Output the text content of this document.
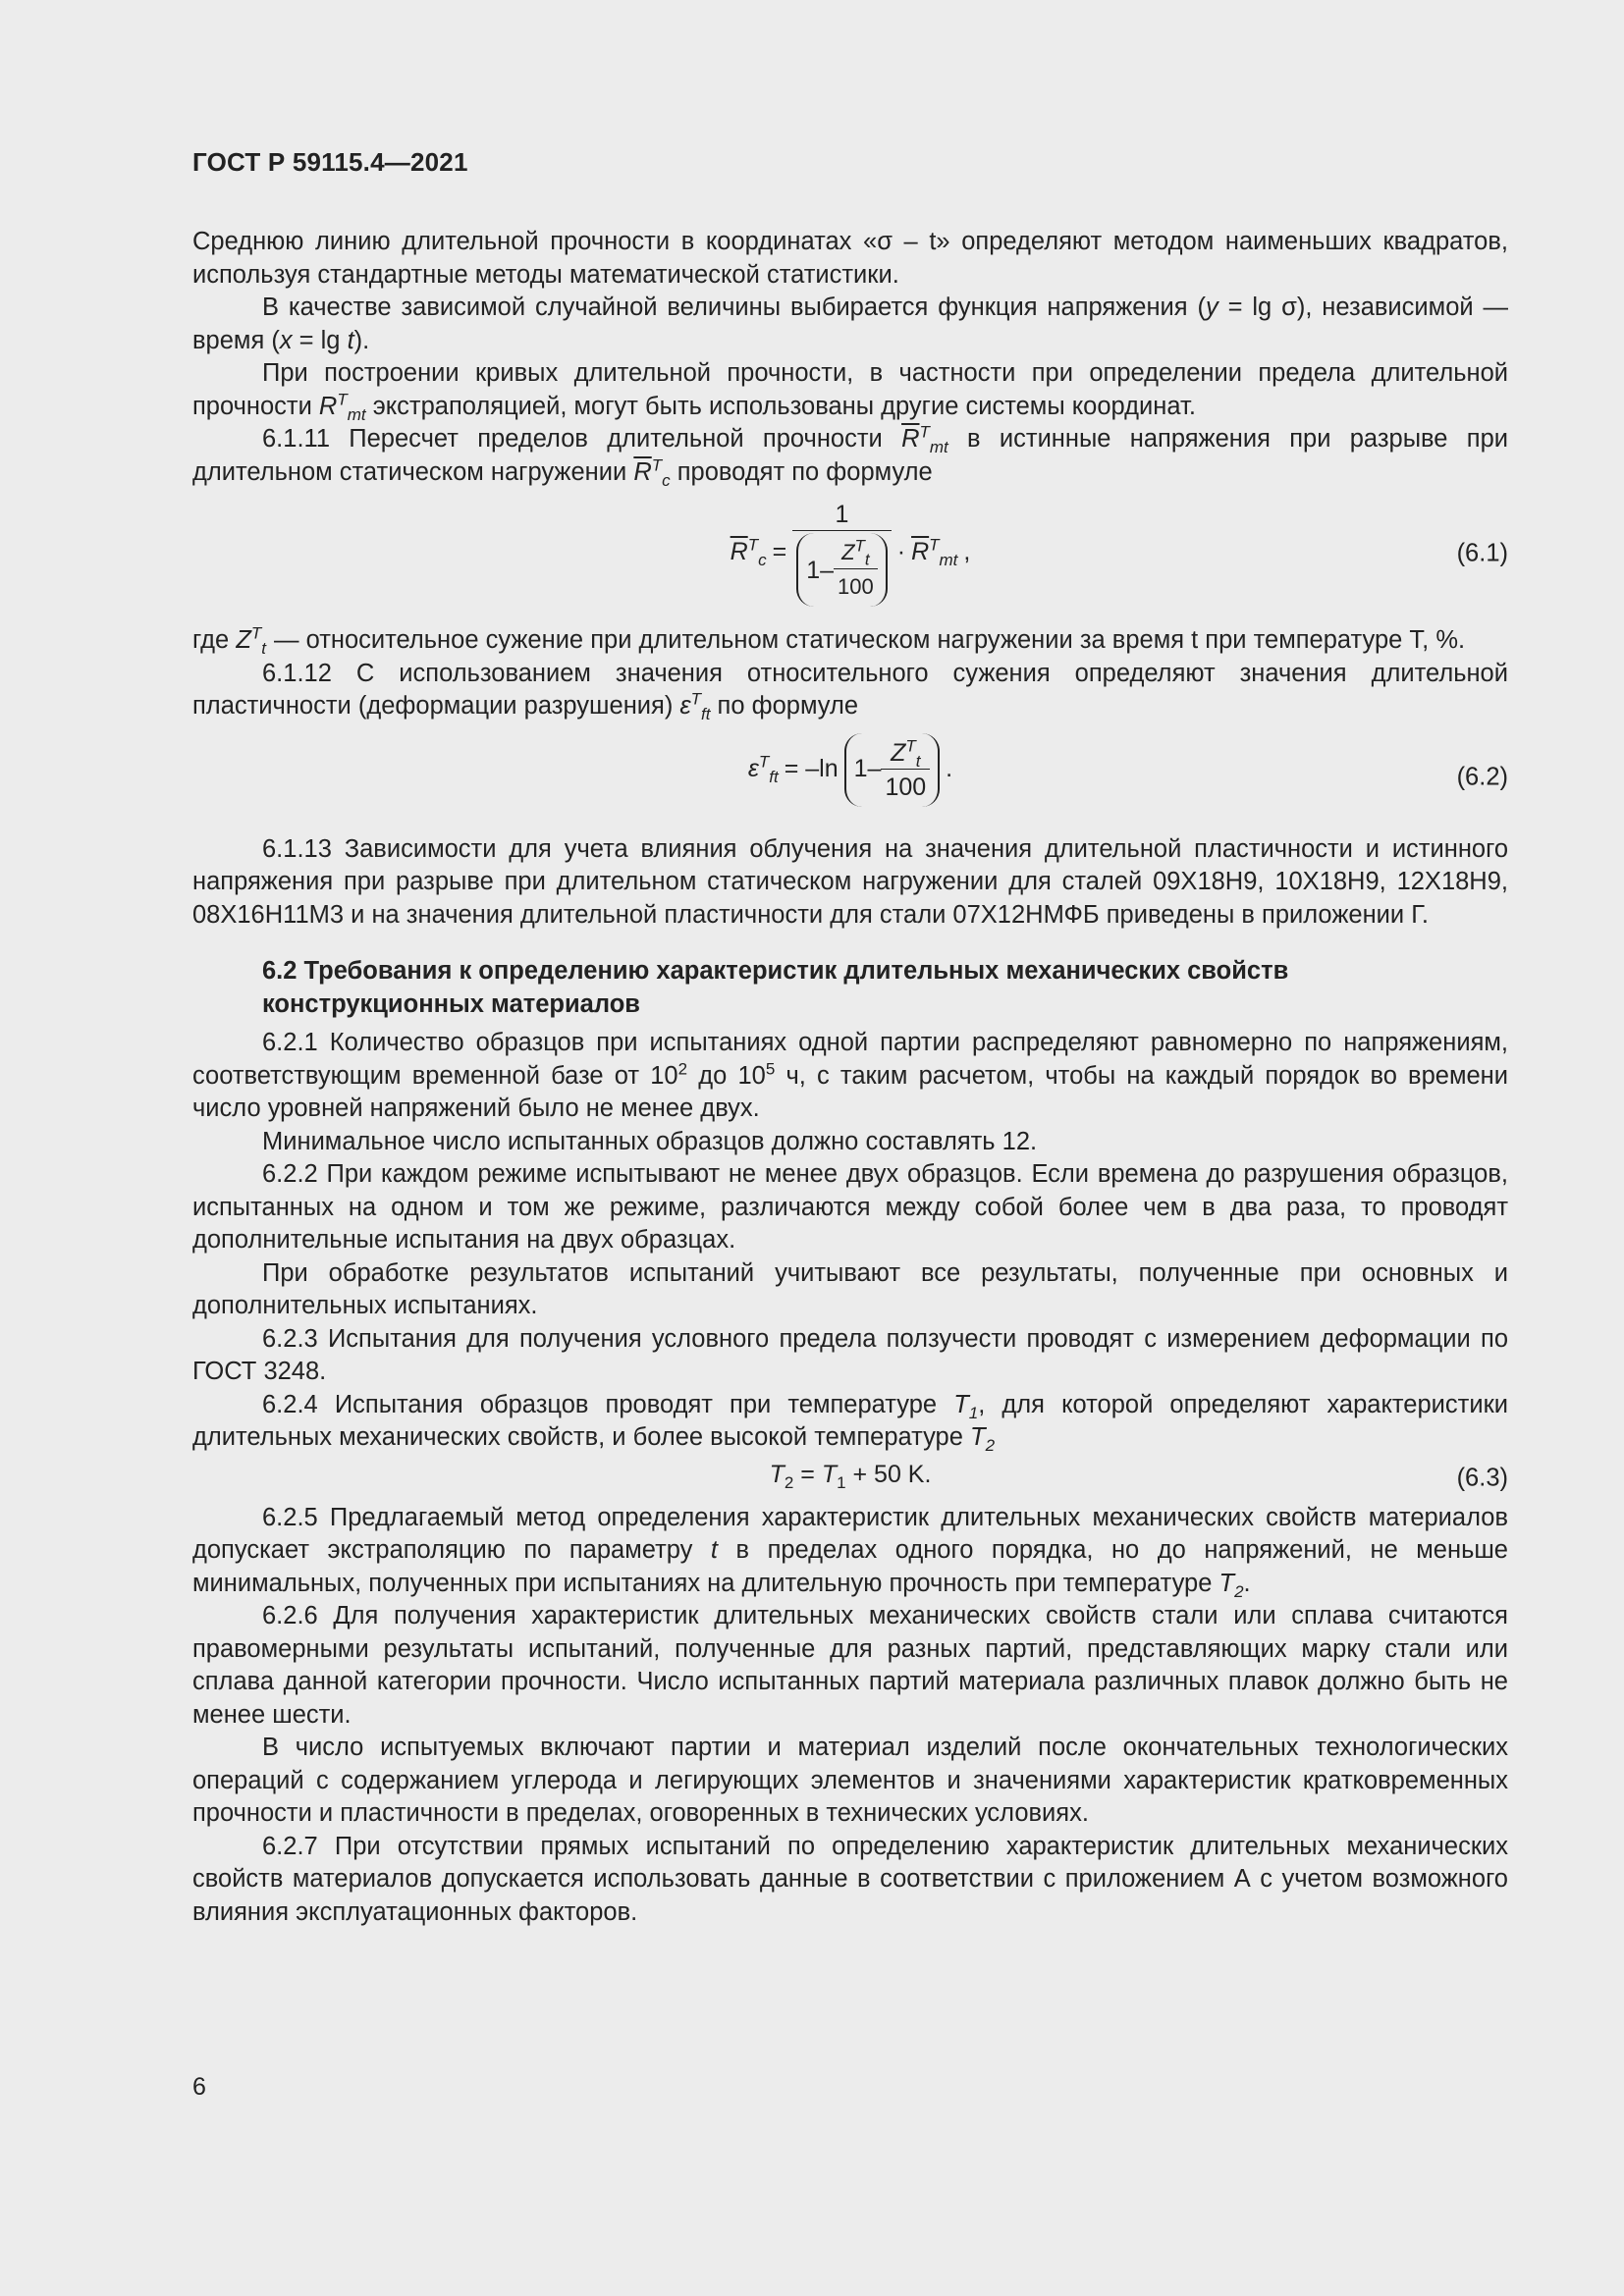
ГОСТ Р 59115.4—2021

Среднюю линию длительной прочности в координатах «σ – t» определяют методом наименьших квадратов, используя стандартные методы математической статистики.

В качестве зависимой случайной величины выбирается функция напряжения (y = lg σ), независимой — время (x = lg t).

При построении кривых длительной прочности, в частности при определении предела длительной прочности $R^T_{mt}$ экстраполяцией, могут быть использованы другие системы координат.

6.1.11 Пересчет пределов длительной прочности $\overline{R}^T_{mt}$ в истинные напряжения при разрыве при длительном статическом нагружении $\overline{R}^T_c$ проводят по формуле

$\overline{R}^T_c = \frac{1}{1- \frac{Z^T_t}{100}} \cdot \overline{R}^T_{mt}$ ,	(6.1)
где $Z^T_t$ — относительное сужение при длительном статическом нагружении за время t при температуре T, %.

6.1.12 С использованием значения относительного сужения определяют значения длительной пластичности (деформации разрушения) $\varepsilon^T_{ft}$ по формуле

$\varepsilon^T_{ft} = -\ln$ $1- \frac{Z^T_t}{100}$ .	(6.2)

6.1.13 Зависимости для учета влияния облучения на значения длительной пластичности и истинного напряжения при разрыве при длительном статическом нагружении для сталей 09Х18Н9, 10Х18Н9, 12Х18Н9, 08Х16Н11М3 и на значения длительной пластичности для стали 07Х12НМФБ приведены в приложении Г.

6.2 Требования к определению характеристик длительных механических свойств конструкционных материалов

6.2.1 Количество образцов при испытаниях одной партии распределяют равномерно по напряжениям, соответствующим временной базе от $10^2$ до $10^5$ ч, с таким расчетом, чтобы на каждый порядок во времени число уровней напряжений было не менее двух.

Минимальное число испытанных образцов должно составлять 12.

6.2.2 При каждом режиме испытывают не менее двух образцов. Если времена до разрушения образцов, испытанных на одном и том же режиме, различаются между собой более чем в два раза, то проводят дополнительные испытания на двух образцах.

При обработке результатов испытаний учитывают все результаты, полученные при основных и дополнительных испытаниях.

6.2.3 Испытания для получения условного предела ползучести проводят с измерением деформации по ГОСТ 3248.

6.2.4 Испытания образцов проводят при температуре $T_1$, для которой определяют характеристики длительных механических свойств, и более высокой температуре $T_2$

$T_2 = T_1 + 50$ K.	(6.3)

6.2.5 Предлагаемый метод определения характеристик длительных механических свойств материалов допускает экстраполяцию по параметру t в пределах одного порядка, но до напряжений, не меньше минимальных, полученных при испытаниях на длительную прочность при температуре $T_2$.

6.2.6 Для получения характеристик длительных механических свойств стали или сплава считаются правомерными результаты испытаний, полученные для разных партий, представляющих марку стали или сплава данной категории прочности. Число испытанных партий материала различных плавок должно быть не менее шести.

В число испытуемых включают партии и материал изделий после окончательных технологических операций с содержанием углерода и легирующих элементов и значениями характеристик кратковременных прочности и пластичности в пределах, оговоренных в технических условиях.

6.2.7 При отсутствии прямых испытаний по определению характеристик длительных механических свойств материалов допускается использовать данные в соответствии с приложением А с учетом возможного влияния эксплуатационных факторов.

6
